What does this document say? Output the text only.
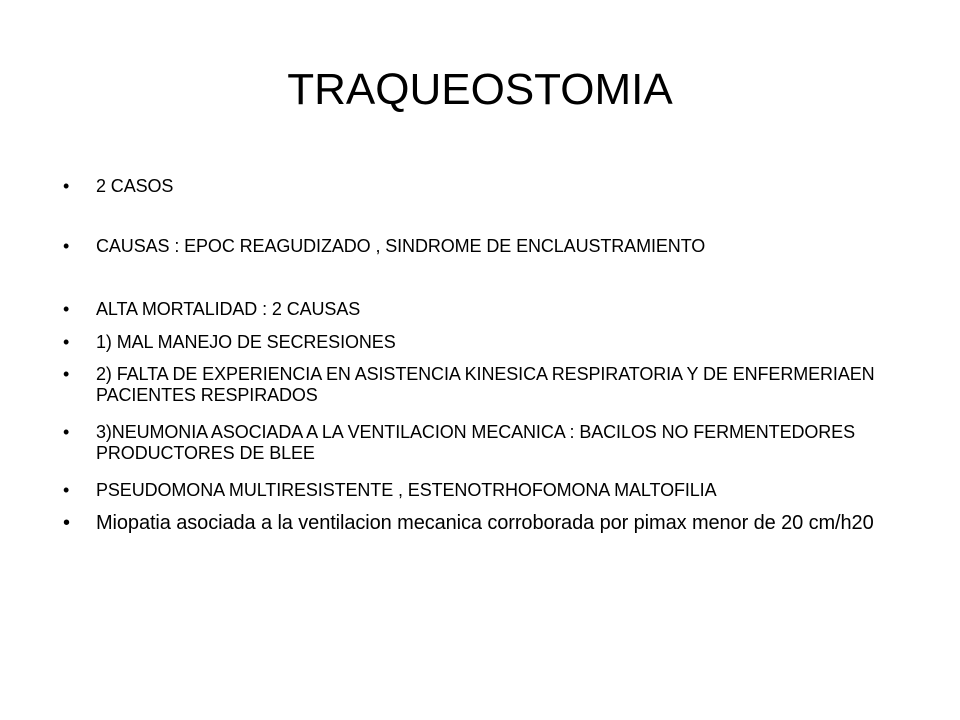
TRAQUEOSTOMIA
• 2 CASOS
• CAUSAS : EPOC REAGUDIZADO , SINDROME DE ENCLAUSTRAMIENTO
• ALTA MORTALIDAD : 2 CAUSAS
• 1) MAL MANEJO DE SECRESIONES
• 2) FALTA DE EXPERIENCIA EN ASISTENCIA KINESICA RESPIRATORIA Y DE ENFERMERIAEN PACIENTES RESPIRADOS
• 3)NEUMONIA ASOCIADA A LA VENTILACION MECANICA : BACILOS NO FERMENTEDORES PRODUCTORES DE BLEE
• PSEUDOMONA MULTIRESISTENTE , ESTENOTRHOFOMONA MALTOFILIA
• Miopatia asociada a la ventilacion mecanica corroborada por pimax menor de 20 cm/h20
